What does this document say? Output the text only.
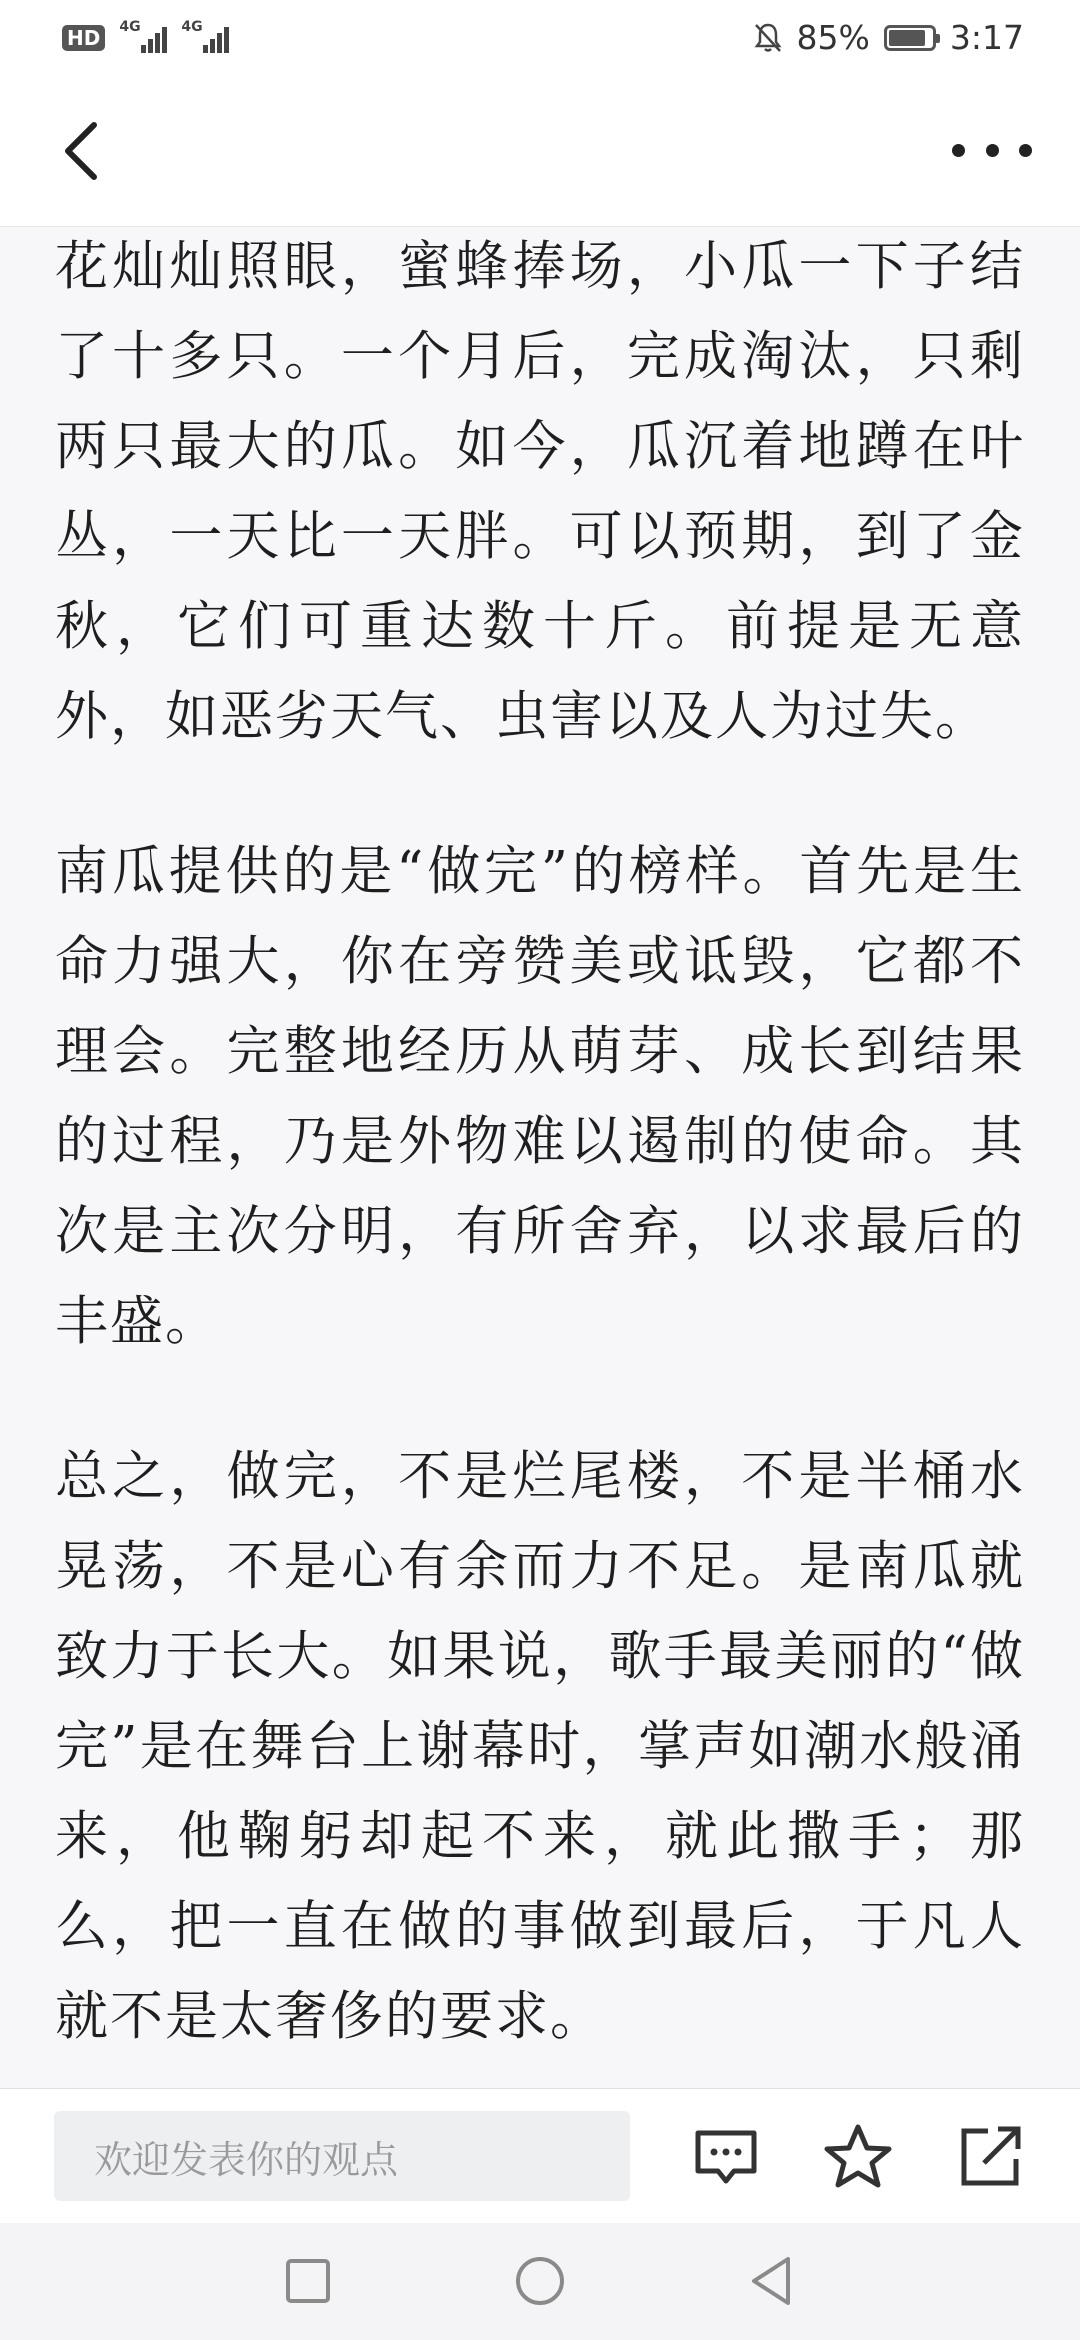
HD	4G	4G	85% 3:17

花灿灿照眼，蜜蜂捧场，小瓜一下子结了十多只。一个月后，完成淘汰，只剩两只最大的瓜。如今，瓜沉着地蹲在叶丛，一天比一天胖。可以预期，到了金秋，它们可重达数十斤。前提是无意外，如恶劣天气、虫害以及人为过失。

南瓜提供的是“做完”的榜样。首先是生命力强大，你在旁赞美或诋毁，它都不理会。完整地经历从萌芽、成长到结果的过程，乃是外物难以遏制的使命。其次是主次分明，有所舍弃，以求最后的丰盛。

总之，做完，不是烂尾楼，不是半桶水晃荡，不是心有余而力不足。是南瓜就致力于长大。如果说，歌手最美丽的“做完”是在舞台上谢幕时，掌声如潮水般涌来，他鞠躬却起不来，就此撒手；那么，把一直在做的事做到最后，于凡人就不是太奢侈的要求。

欢迎发表你的观点
